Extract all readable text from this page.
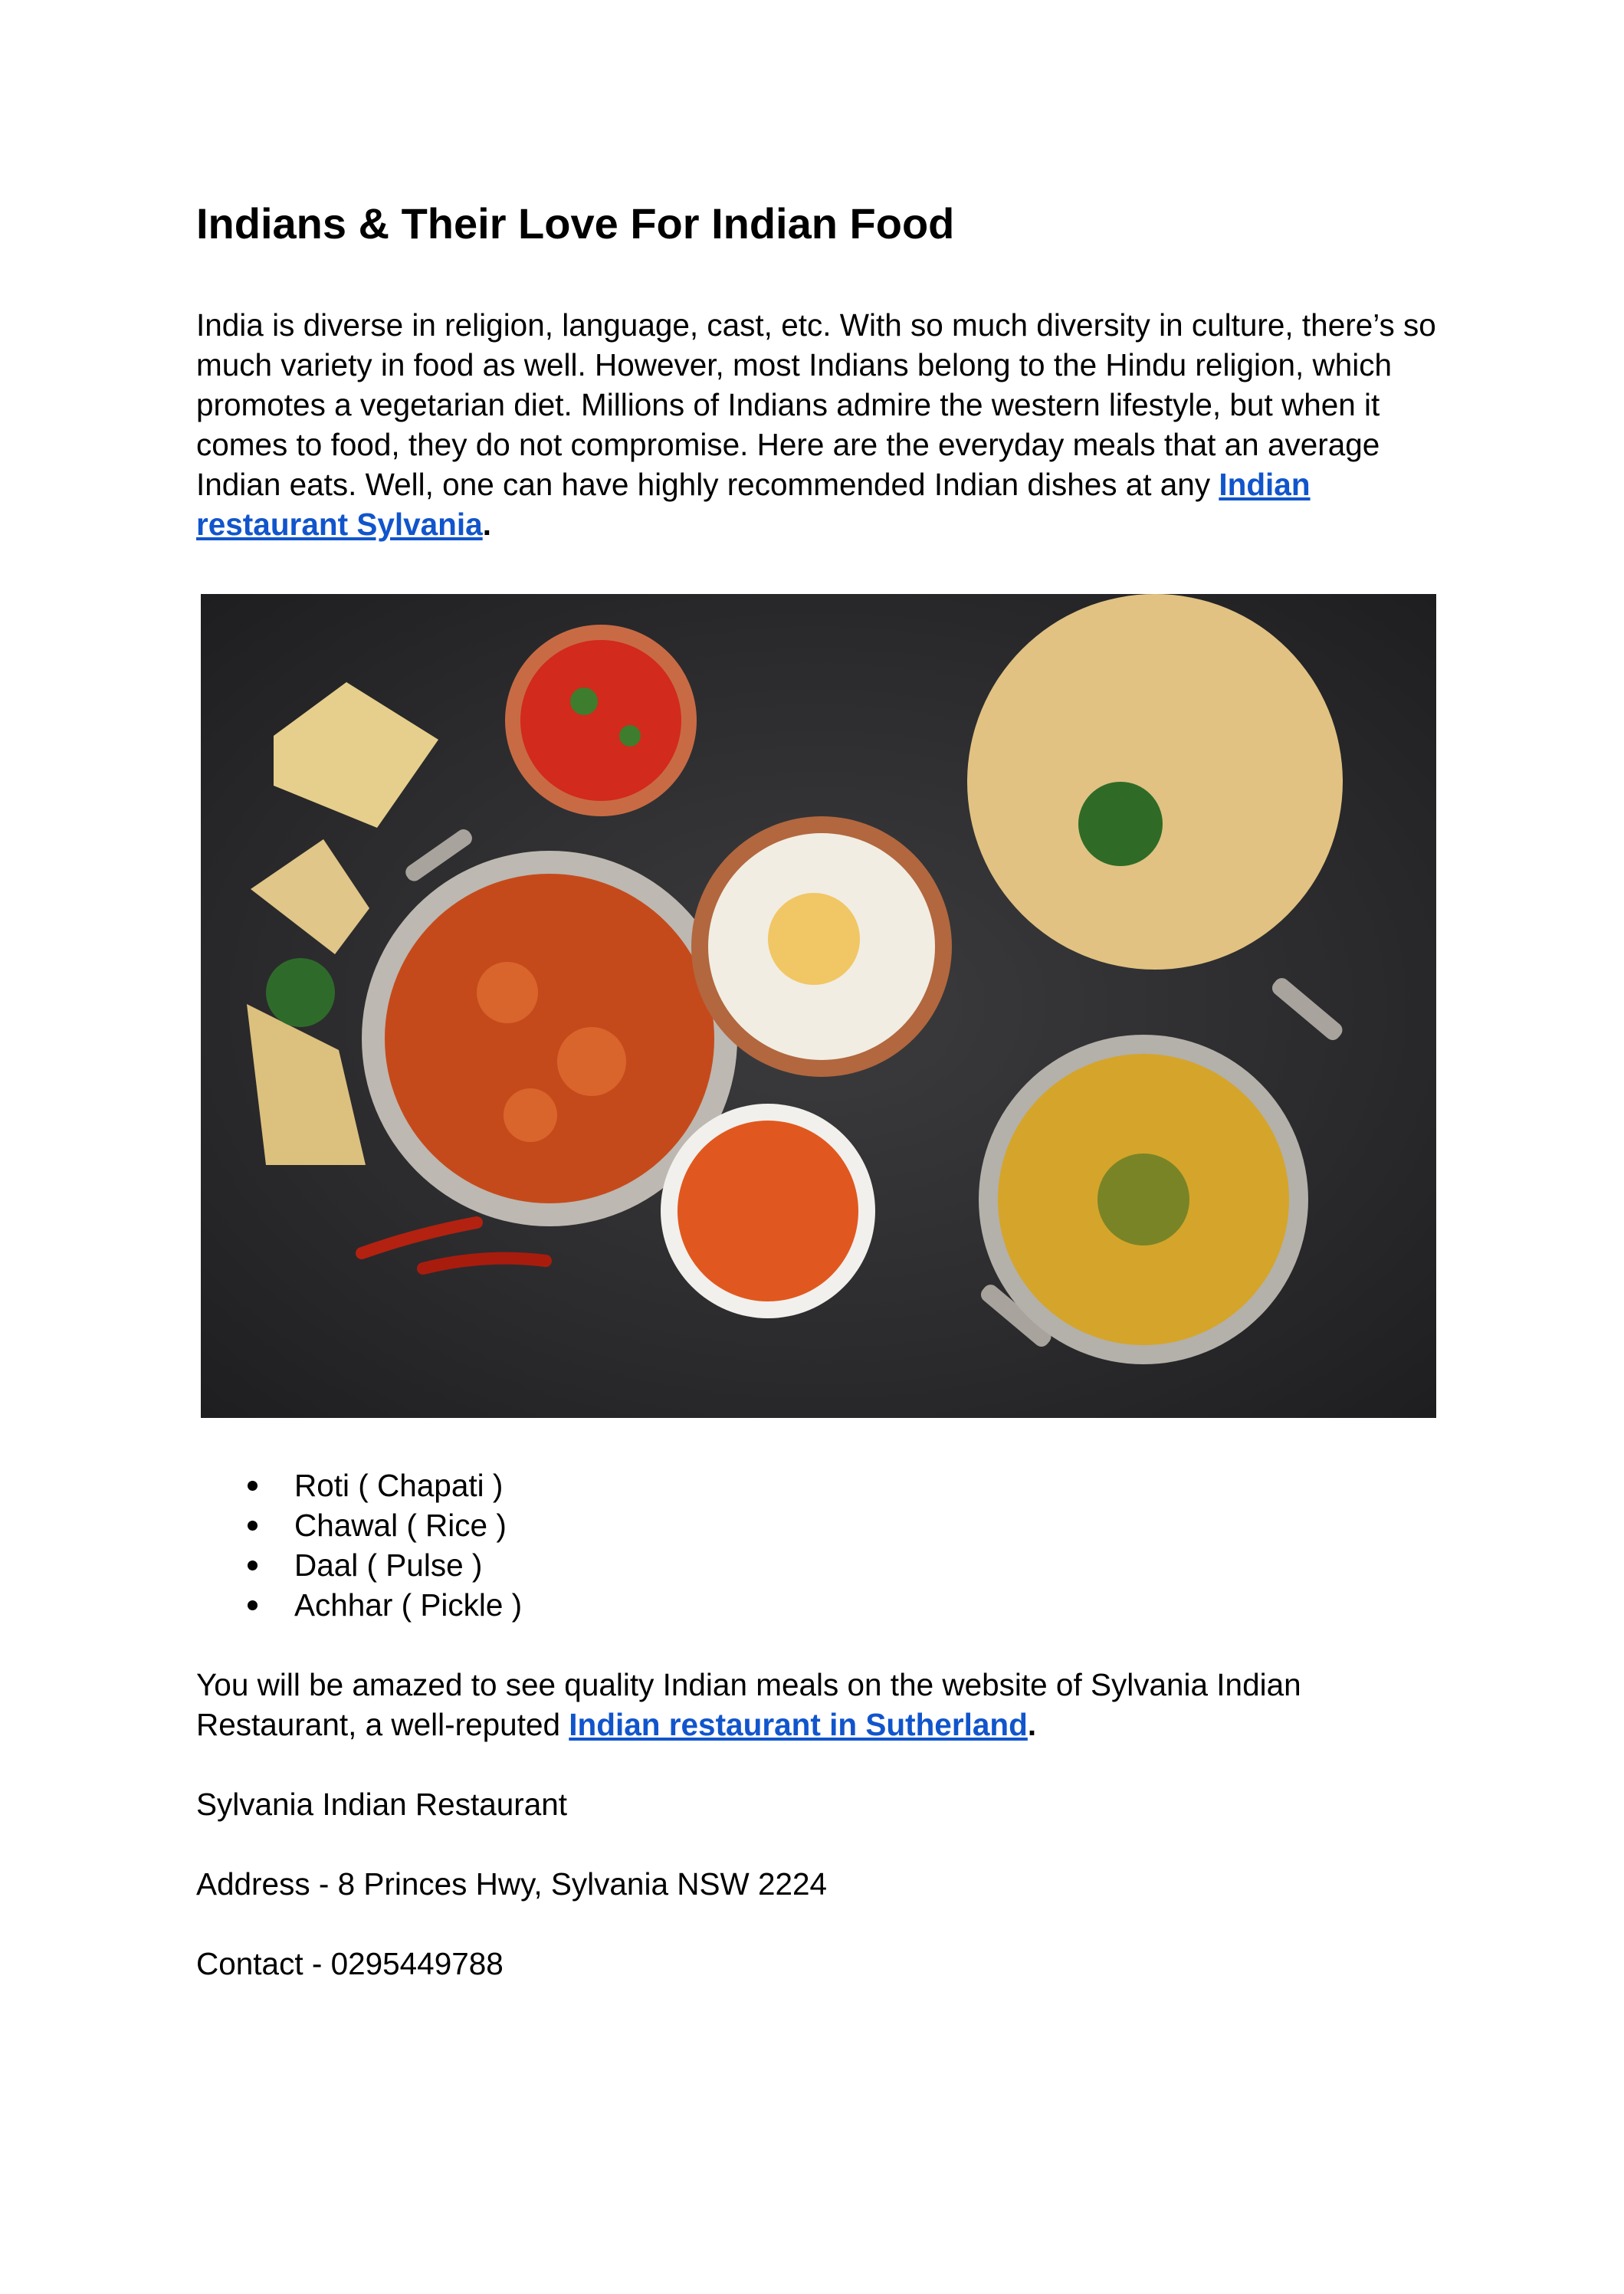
Indians & Their Love For Indian Food

India is diverse in religion, language, cast, etc. With so much diversity in culture, there’s so much variety in food as well. However, most Indians belong to the Hindu religion, which promotes a vegetarian diet. Millions of Indians admire the western lifestyle, but when it comes to food, they do not compromise. Here are the everyday meals that an average Indian eats. Well, one can have highly recommended Indian dishes at any Indian restaurant Sylvania.

Roti ( Chapati )
Chawal ( Rice )
Daal ( Pulse )
Achhar ( Pickle )

You will be amazed to see quality Indian meals on the website of Sylvania Indian Restaurant, a well-reputed Indian restaurant in Sutherland.

Sylvania Indian Restaurant

Address - 8 Princes Hwy, Sylvania NSW 2224

Contact - 0295449788
